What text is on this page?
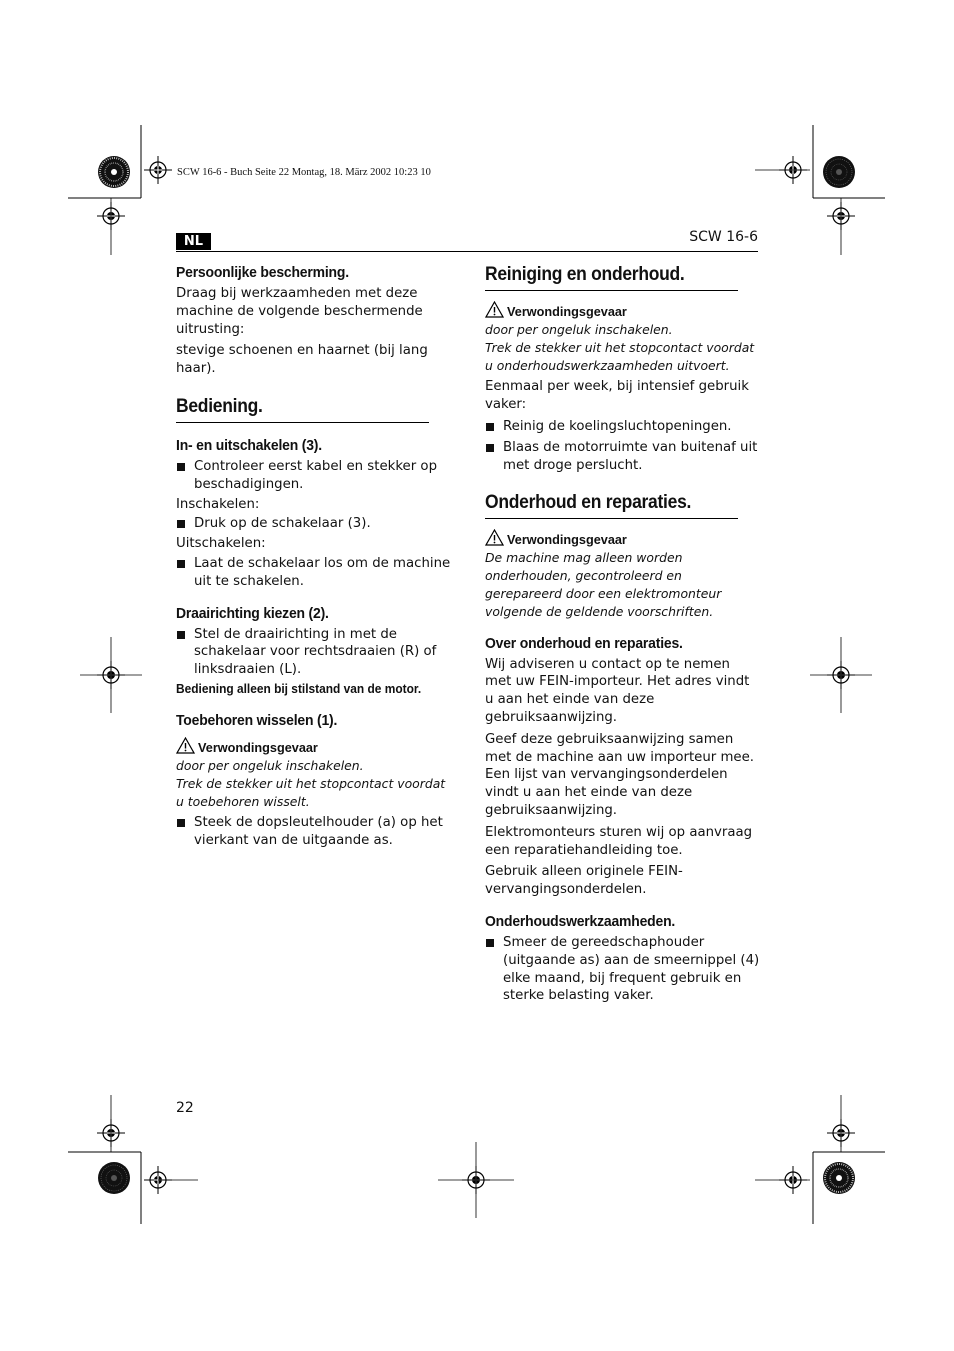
SCW 16-6 - Buch Seite 22 Montag, 18. März 2002 10:23 10
NL	SCW 16-6
Persoonlijke bescherming.

Draag bij werkzaamheden met deze machine de volgende beschermende uitrusting:

stevige schoenen en haarnet (bij lang haar).

Bediening.
In- en uitschakelen (3).
Controleer eerst kabel en stekker op beschadigingen.

Inschakelen:

Druk op de schakelaar (3).

Uitschakelen:

Laat de schakelaar los om de machine uit te schakelen.
Draairichting kiezen (2).
Stel de draairichting in met de schakelaar voor rechtsdraaien (R) of linksdraaien (L).

Bediening alleen bij stilstand van de motor.

Toebehoren wisselen (1).
Verwondingsgevaar

door per ongeluk inschakelen.

Trek de stekker uit het stopcontact voordat u toebehoren wisselt.

Steek de dopsleutelhouder (a) op het vierkant van de uitgaande as.
Reiniging en onderhoud.
Verwondingsgevaar

door per ongeluk inschakelen.

Trek de stekker uit het stopcontact voordat u onderhoudswerkzaamheden uitvoert.

Eenmaal per week, bij intensief gebruik vaker:

Reinig de koelingsluchtopeningen.
Blaas de motorruimte van buitenaf uit met droge perslucht.
Onderhoud en reparaties.
Verwondingsgevaar

De machine mag alleen worden onderhouden, gecontroleerd en gerepareerd door een elektromonteur volgende de geldende voorschriften.

Over onderhoud en reparaties.

Wij adviseren u contact op te nemen met uw FEIN-importeur. Het adres vindt u aan het einde van deze gebruiksaanwijzing.

Geef deze gebruiksaanwijzing samen met de machine aan uw importeur mee. Een lijst van vervangingsonderdelen vindt u aan het einde van deze gebruiksaanwijzing.

Elektromonteurs sturen wij op aanvraag een reparatiehandleiding toe.

Gebruik alleen originele FEIN-vervangingsonderdelen.

Onderhoudswerkzaamheden.
Smeer de gereedschaphouder (uitgaande as) aan de smeernippel (4) elke maand, bij frequent gebruik en sterke belasting vaker.
22
